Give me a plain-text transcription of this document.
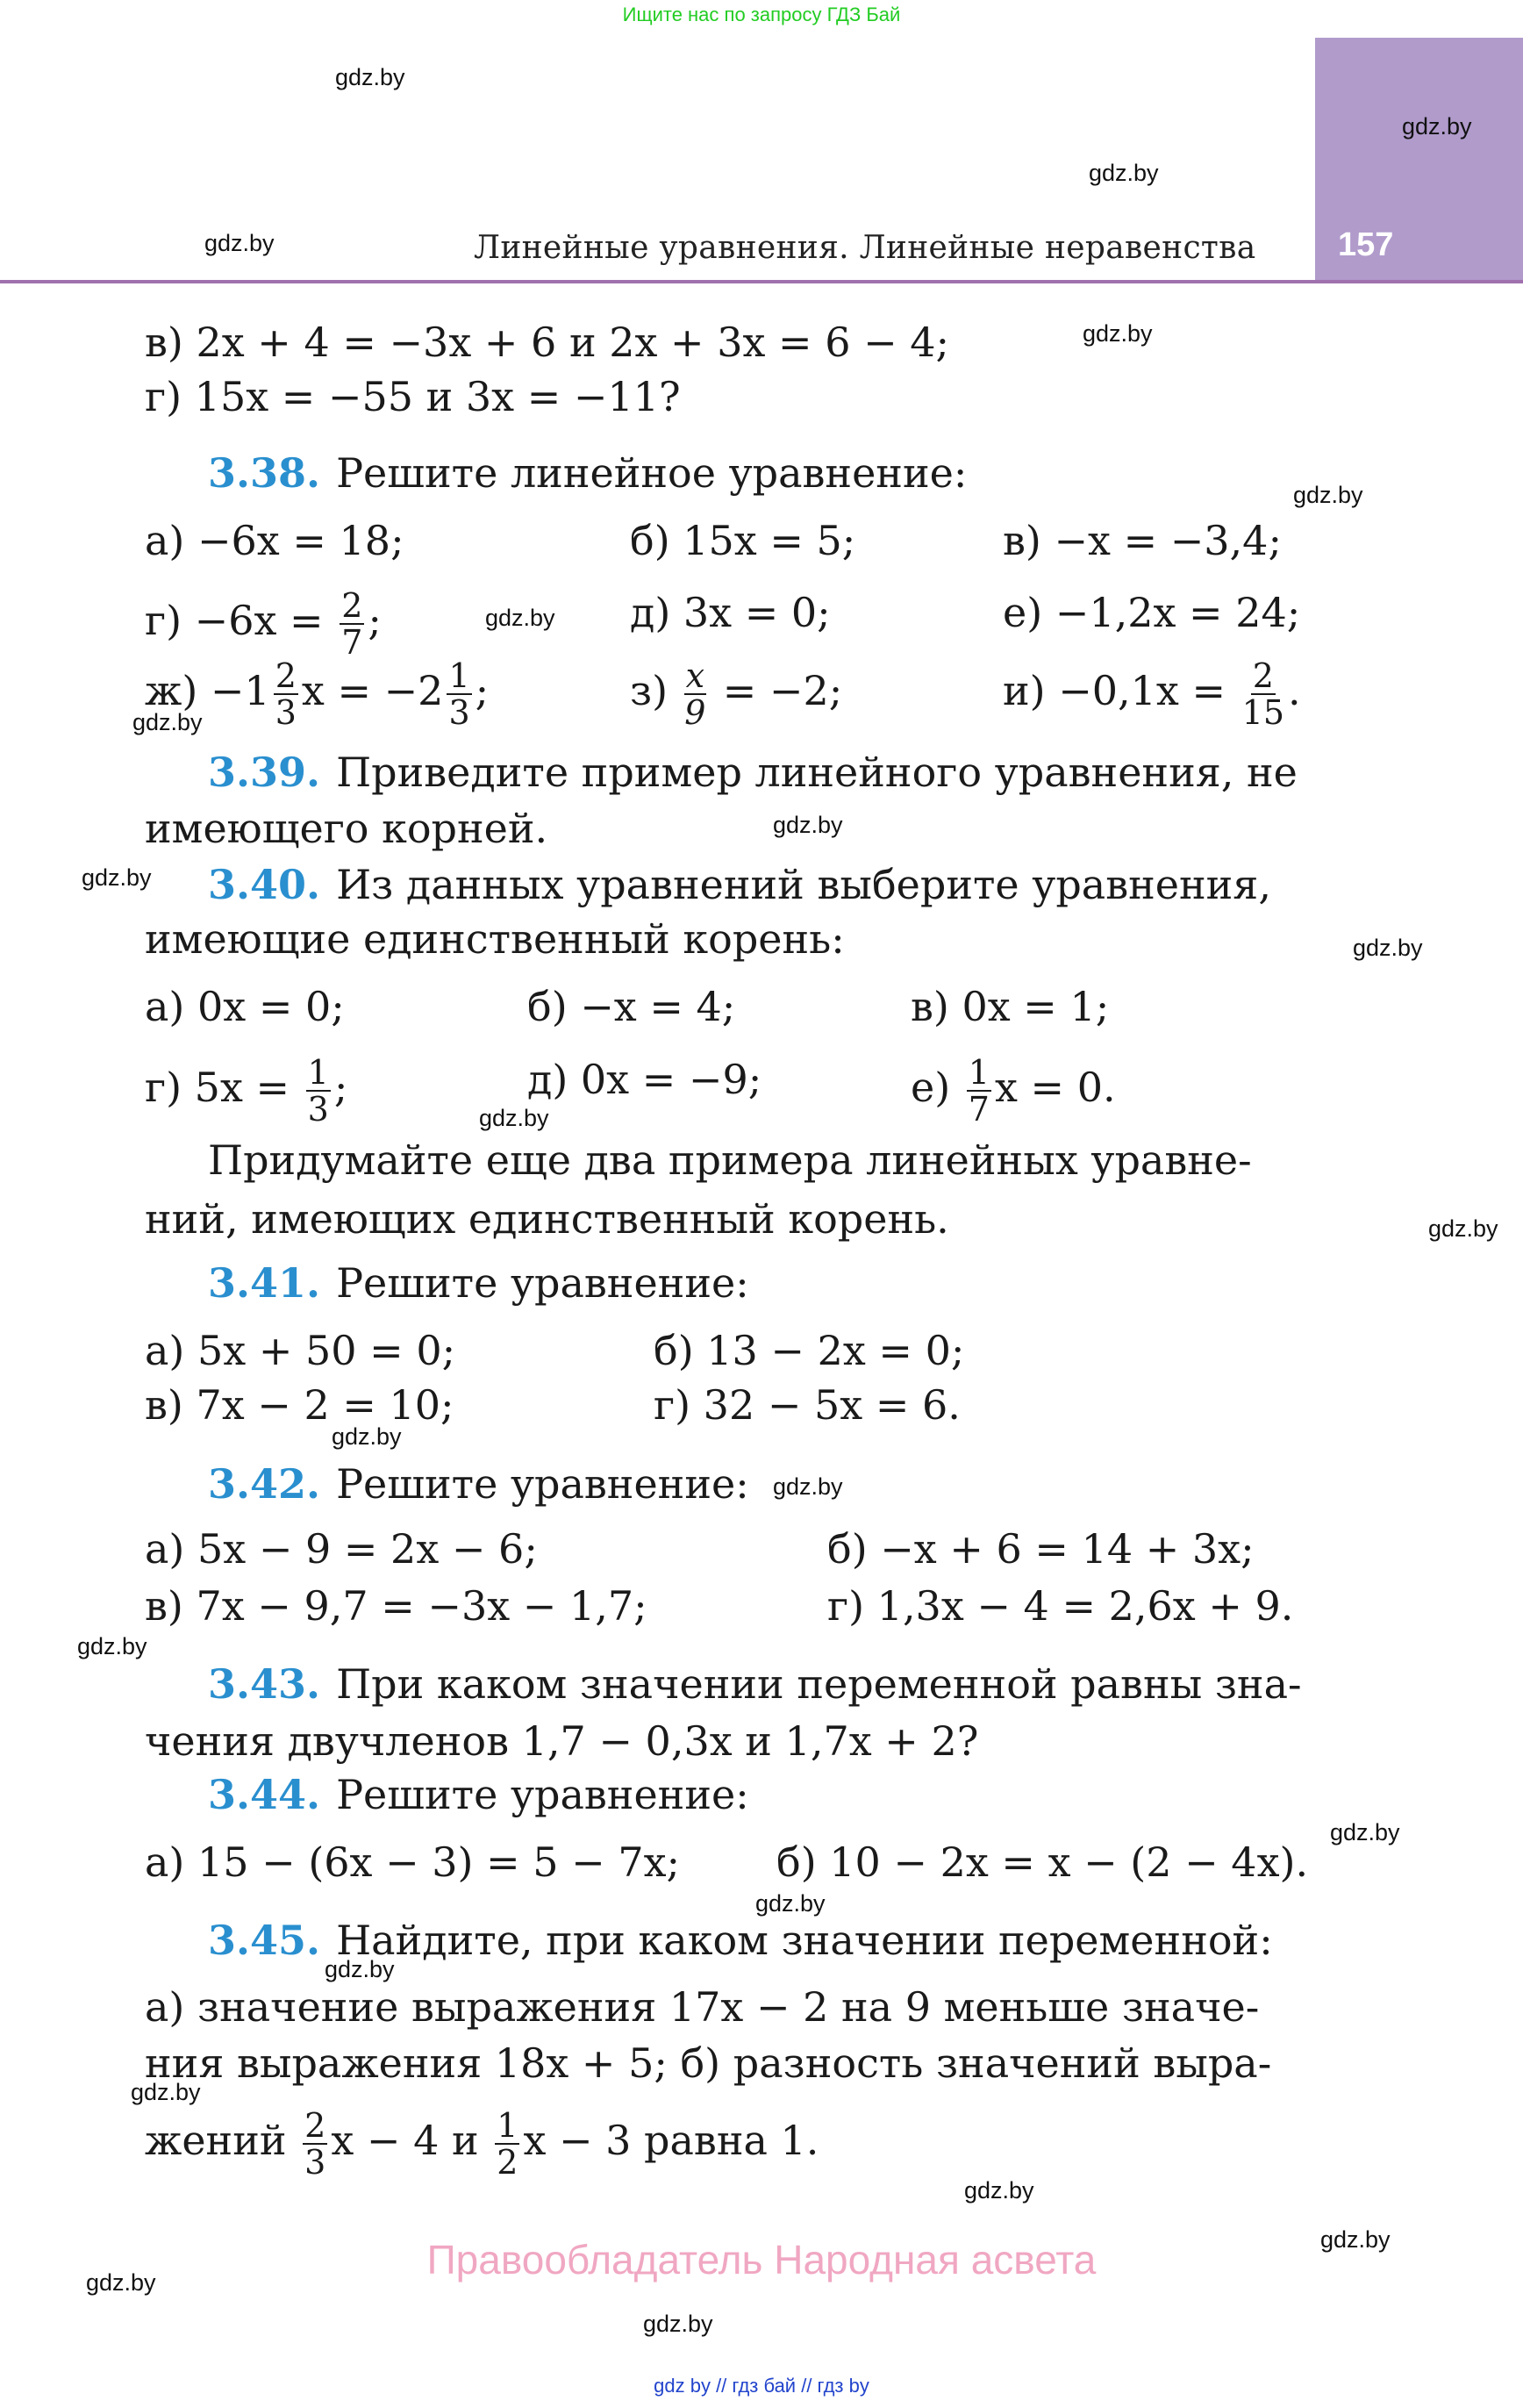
Ищите нас по запросу ГДЗ Бай
Линейные уравнения. Линейные неравенства 157
в) 2x + 4 = −3x + 6 и 2x + 3x = 6 − 4;
г) 15x = −55 и 3x = −11?
3.38. Решите линейное уравнение:
а) −6x = 18;	б) 15x = 5;	в) −x = −3,4;
$г) -6x = \frac{2}{7}$ ;	д) 3x = 0;	е) −1,2x = 24;
$ж) -1 \frac{2}{3}$ $x = -2 \frac{1}{3}$ ;	$з) \frac{x}{9} = -2$;	$и) -0,1x = \frac{2}{15}$ .
3.39. Приведите пример линейного уравнения, не
имеющего корней.
3.40. Из данных уравнений выберите уравнения,
имеющие единственный корень:
а) 0x = 0;	б) −x = 4;	в) 0x = 1;
г) $5x = \frac{1}{3}$ ;	д) 0x = −9;	$е) \frac{1}{7}$ x = 0.
Придумайте еще два примера линейных уравне-
ний, имеющих единственный корень.
3.41. Решите уравнение:
а) 5x + 50 = 0;	б) 13 − 2x = 0;
в) 7x − 2 = 10;	г) 32 − 5x = 6.
3.42. Решите уравнение:
а) 5x − 9 = 2x − 6;	б) −x + 6 = 14 + 3x;
в) 7x − 9,7 = −3x − 1,7;	г) 1,3x − 4 = 2,6x + 9.
3.43. При каком значении переменной равны зна-
чения двучленов 1,7 − 0,3x и 1,7x + 2?
3.44. Решите уравнение:
а) 15 − (6x − 3) = 5 − 7x; б) 10 − 2x = x − (2 − 4x).
3.45. Найдите, при каком значении переменной:
а) значение выражения 17x − 2 на 9 меньше значе-
ния выражения 18x + 5; б) разность значений выра-
жений $\frac{2}{3}$ x − 4 и $\frac{1}{2}$ x − 3 равна 1.
gdz.by
gdz.by
gdz.by
gdz.by
gdz.by
gdz.by
gdz.by
gdz.by
gdz.by
gdz.by
gdz.by
gdz.by
gdz.by
gdz.by
gdz.by
gdz.by
gdz.by
gdz.by
gdz.by
gdz.by
gdz.by
gdz.by
gdz.by
gdz.by
Правообладатель Народная асвета
gdz by // гдз бай // гдз by
